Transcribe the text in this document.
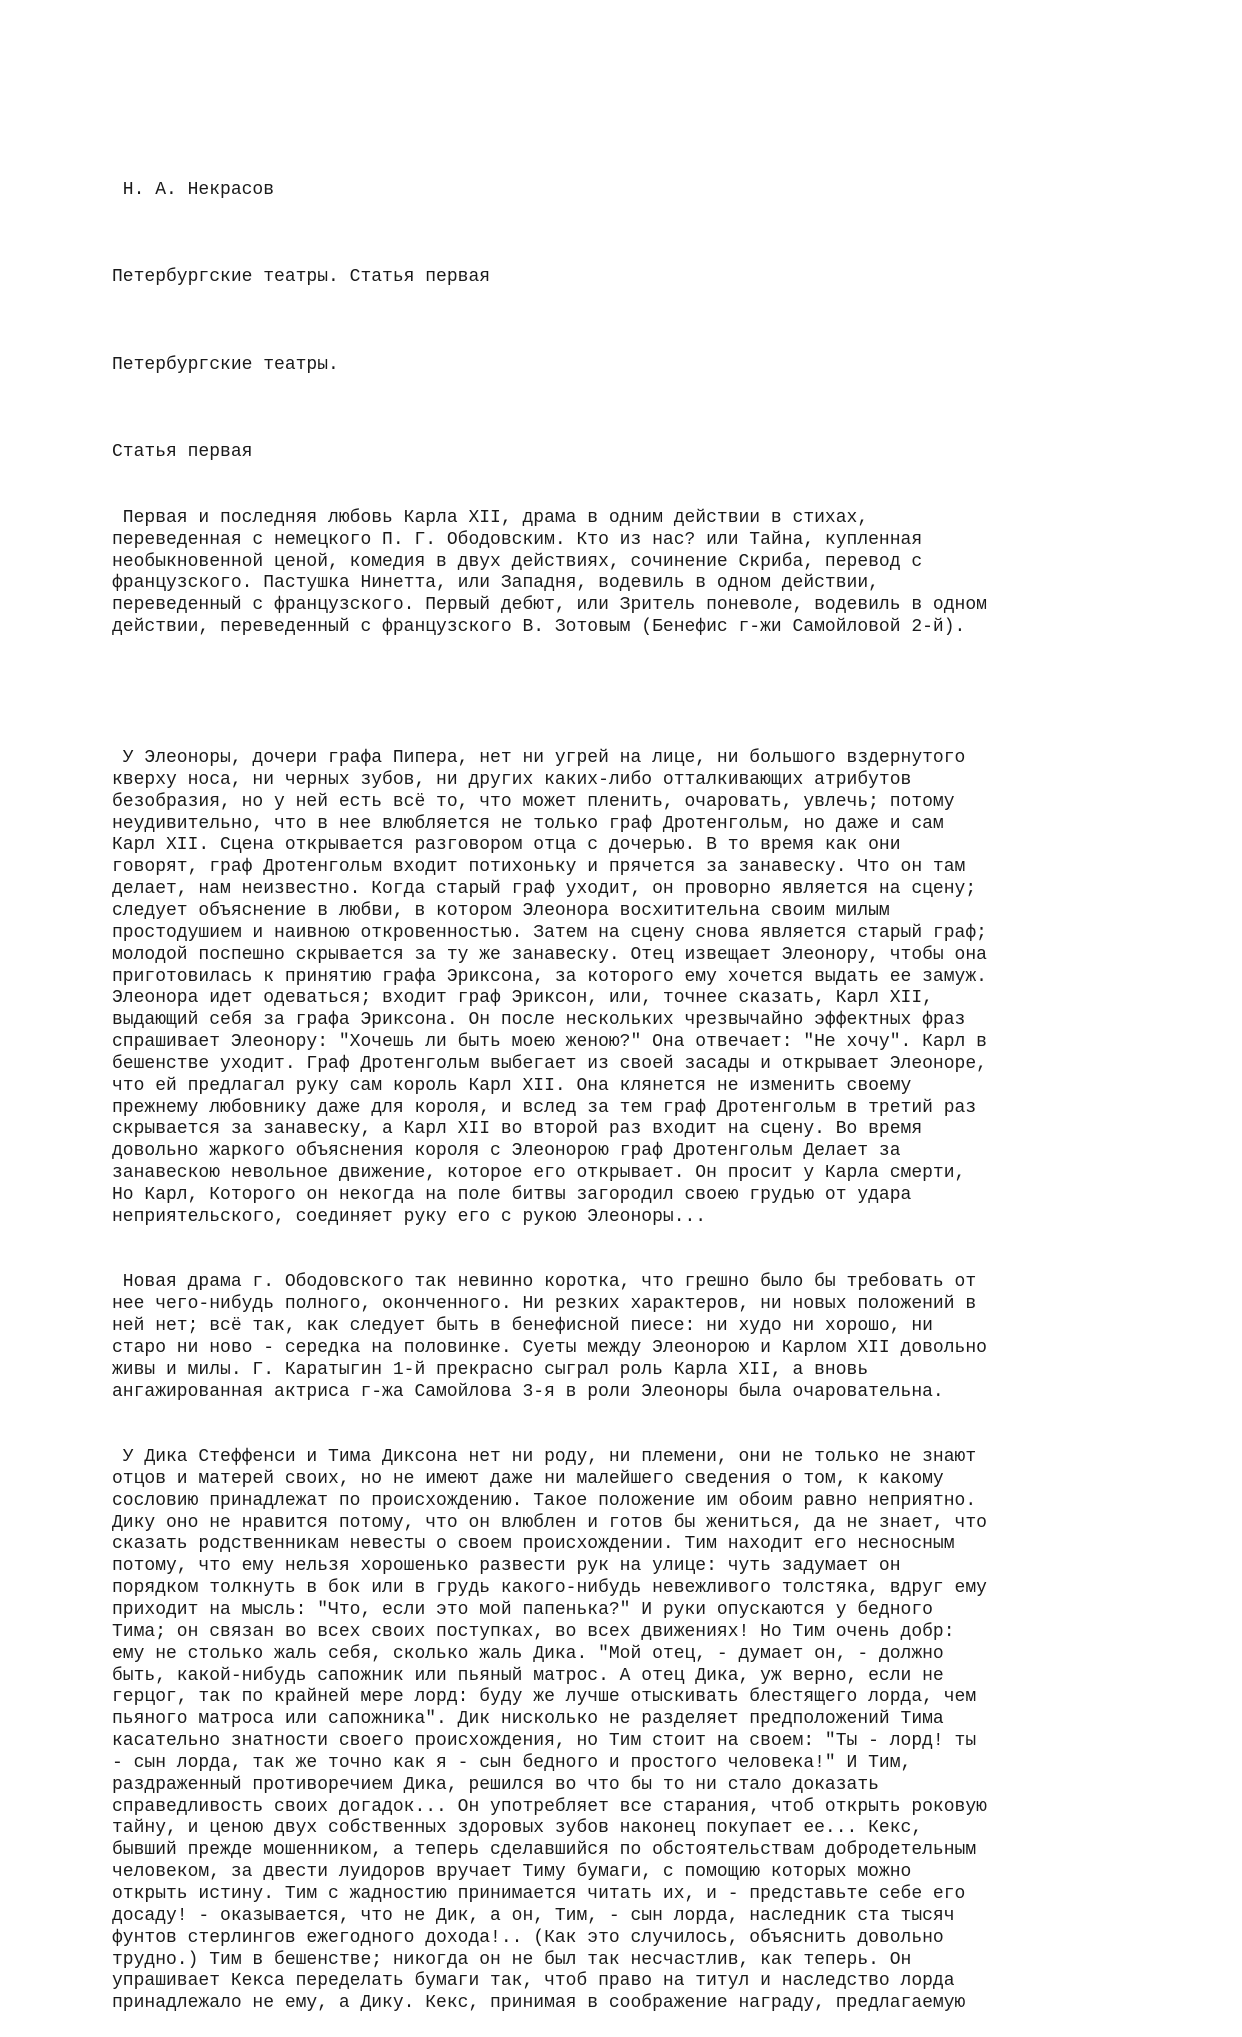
Н. А. Некрасов

Петербургские театры. Статья первая

Петербургские театры.

Статья первая

Первая и последняя любовь Карла XII, драма в одним действии в стихах,
переведенная с немецкого П. Г. Ободовским. Кто из нас? или Тайна, купленная
необыкновенной ценой, комедия в двух действиях, сочинение Скриба, перевод с
французского. Пастушка Нинетта, или Западня, водевиль в одном действии,
переведенный с французского. Первый дебют, или Зритель поневоле, водевиль в одном
действии, переведенный с французского В. Зотовым (Бенефис г-жи Самойловой 2-й).

У Элеоноры, дочери графа Пипера, нет ни угрей на лице, ни большого вздернутого
кверху носа, ни черных зубов, ни других каких-либо отталкивающих атрибутов
безобразия, но у ней есть всё то, что может пленить, очаровать, увлечь; потому
неудивительно, что в нее влюбляется не только граф Дротенгольм, но даже и сам
Карл XII. Сцена открывается разговором отца с дочерью. В то время как они
говорят, граф Дротенгольм входит потихоньку и прячется за занавеску. Что он там
делает, нам неизвестно. Когда старый граф уходит, он проворно является на сцену;
следует объяснение в любви, в котором Элеонора восхитительна своим милым
простодушием и наивною откровенностью. Затем на сцену снова является старый граф;
молодой поспешно скрывается за ту же занавеску. Отец извещает Элеонору, чтобы она
приготовилась к принятию графа Эриксона, за которого ему хочется выдать ее замуж.
Элеонора идет одеваться; входит граф Эриксон, или, точнее сказать, Карл XII,
выдающий себя за графа Эриксона. Он после нескольких чрезвычайно эффектных фраз
спрашивает Элеонору: "Хочешь ли быть моею женою?" Она отвечает: "Не хочу". Карл в
бешенстве уходит. Граф Дротенгольм выбегает из своей засады и открывает Элеоноре,
что ей предлагал руку сам король Карл XII. Она клянется не изменить своему
прежнему любовнику даже для короля, и вслед за тем граф Дротенгольм в третий раз
скрывается за занавеску, а Карл XII во второй раз входит на сцену. Во время
довольно жаркого объяснения короля с Элеонорою граф Дротенгольм Делает за
занавескою невольное движение, которое его открывает. Он просит у Карла смерти,
Но Карл, Которого он некогда на поле битвы загородил своею грудью от удара
неприятельского, соединяет руку его с рукою Элеоноры...

Новая драма г. Ободовского так невинно коротка, что грешно было бы требовать от
нее чего-нибудь полного, оконченного. Ни резких характеров, ни новых положений в
ней нет; всё так, как следует быть в бенефисной пиесе: ни худо ни хорошо, ни
старо ни ново - середка на половинке. Суеты между Элеонорою и Карлом XII довольно
живы и милы. Г. Каратыгин 1-й прекрасно сыграл роль Карла XII, а вновь
ангажированная актриса г-жа Самойлова 3-я в роли Элеоноры была очаровательна.

У Дика Стеффенси и Тима Диксона нет ни роду, ни племени, они не только не знают
отцов и матерей своих, но не имеют даже ни малейшего сведения о том, к какому
сословию принадлежат по происхождению. Такое положение им обоим равно неприятно.
Дику оно не нравится потому, что он влюблен и готов бы жениться, да не знает, что
сказать родственникам невесты о своем происхождении. Тим находит его несносным
потому, что ему нельзя хорошенько развести рук на улице: чуть задумает он
порядком толкнуть в бок или в грудь какого-нибудь невежливого толстяка, вдруг ему
приходит на мысль: "Что, если это мой папенька?" И руки опускаются у бедного
Тима; он связан во всех своих поступках, во всех движениях! Но Тим очень добр:
ему не столько жаль себя, сколько жаль Дика. "Мой отец, - думает он, - должно
быть, какой-нибудь сапожник или пьяный матрос. А отец Дика, уж верно, если не
герцог, так по крайней мере лорд: буду же лучше отыскивать блестящего лорда, чем
пьяного матроса или сапожника". Дик нисколько не разделяет предположений Тима
касательно знатности своего происхождения, но Тим стоит на своем: "Ты - лорд! ты
- сын лорда, так же точно как я - сын бедного и простого человека!" И Тим,
раздраженный противоречием Дика, решился во что бы то ни стало доказать
справедливость своих догадок... Он употребляет все старания, чтоб открыть роковую
тайну, и ценою двух собственных здоровых зубов наконец покупает ее... Кекс,
бывший прежде мошенником, а теперь сделавшийся по обстоятельствам добродетельным
человеком, за двести луидоров вручает Тиму бумаги, с помощию которых можно
открыть истину. Тим с жадностию принимается читать их, и - представьте себе его
досаду! - оказывается, что не Дик, а он, Тим, - сын лорда, наследник ста тысяч
фунтов стерлингов ежегодного дохода!.. (Как это случилось, объяснить довольно
трудно.) Тим в бешенстве; никогда он не был так несчастлив, как теперь. Он
упрашивает Кекса переделать бумаги так, чтоб право на титул и наследство лорда
принадлежало не ему, а Дику. Кекс, принимая в соображение награду, предлагаемую
